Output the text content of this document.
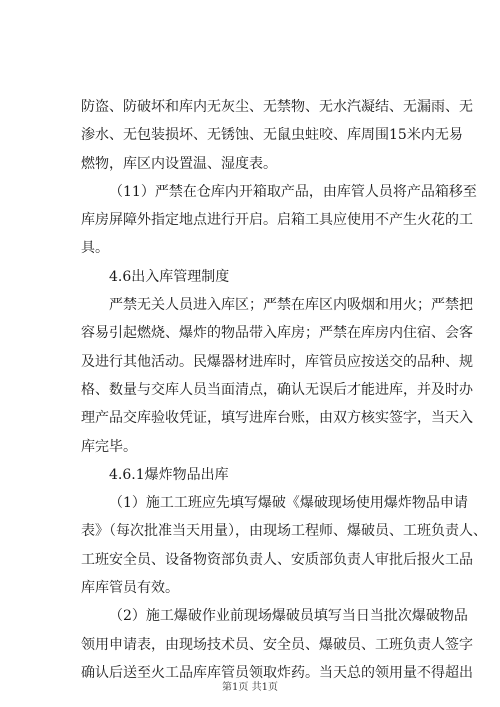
防盗、防破坏和库内无灰尘、无禁物、无水汽凝结、无漏雨、无
渗水、无包装损坏、无锈蚀、无鼠虫蛀咬、库周围15米内无易
燃物，库区内设置温、湿度表。
（11）严禁在仓库内开箱取产品，由库管人员将产品箱移至
库房屏障外指定地点进行开启。启箱工具应使用不产生火花的工
具。
4.6出入库管理制度
严禁无关人员进入库区；严禁在库区内吸烟和用火；严禁把
容易引起燃烧、爆炸的物品带入库房；严禁在库房内住宿、会客
及进行其他活动。民爆器材进库时，库管员应按送交的品种、规
格、数量与交库人员当面清点，确认无误后才能进库，并及时办
理产品交库验收凭证，填写进库台账，由双方核实签字，当天入
库完毕。
4.6.1爆炸物品出库
（1）施工工班应先填写爆破《爆破现场使用爆炸物品申请
表》（每次批准当天用量），由现场工程师、爆破员、工班负责人、
工班安全员、设备物资部负责人、安质部负责人审批后报火工品
库库管员有效。
（2）施工爆破作业前现场爆破员填写当日当批次爆破物品
领用申请表，由现场技术员、安全员、爆破员、工班负责人签字
确认后送至火工品库库管员领取炸药。当天总的领用量不得超出
第1页 共1页
